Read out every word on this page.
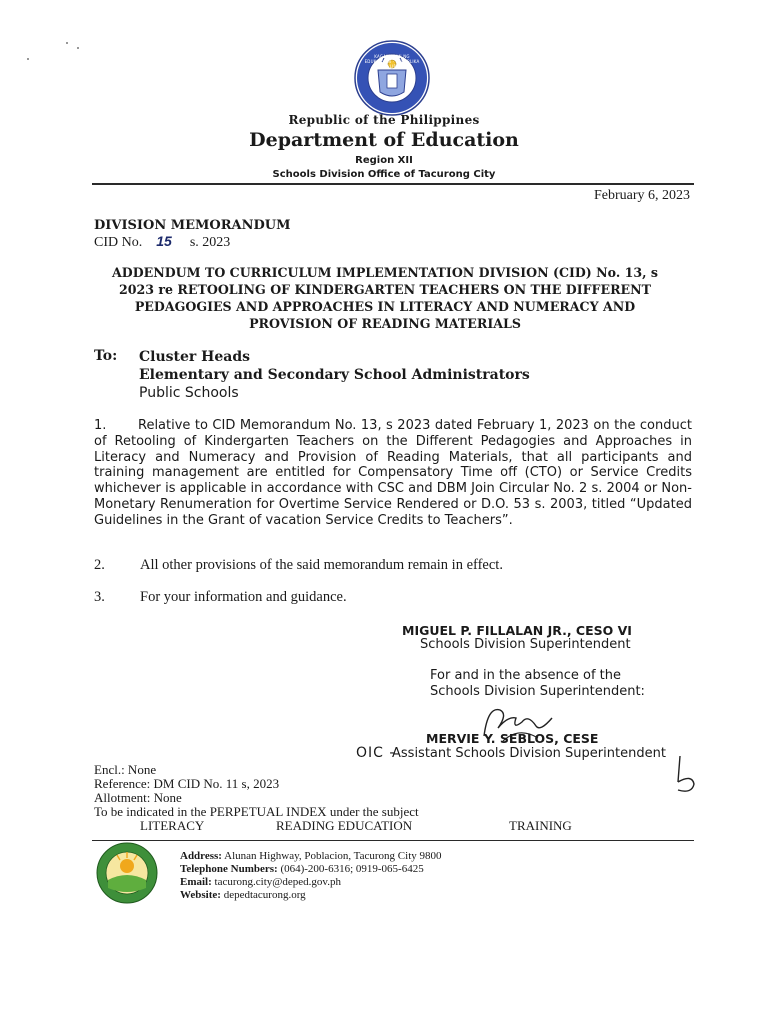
KAGAWARAN NG EDUKASYON · REPUBLIKA NG PILIPINAS
Republic of the Philippines
Department of Education
Region XII
Schools Division Office of Tacurong City
February 6, 2023
DIVISION MEMORANDUM
CID No. 15 s. 2023
ADDENDUM TO CURRICULUM IMPLEMENTATION DIVISION (CID) No. 13, s
2023 re RETOOLING OF KINDERGARTEN TEACHERS ON THE DIFFERENT
PEDAGOGIES AND APPROACHES IN LITERACY AND NUMERACY AND
PROVISION OF READING MATERIALS
To: Cluster Heads
Elementary and Secondary School Administrators
Public Schools
1. Relative to CID Memorandum No. 13, s 2023 dated February 1, 2023 on the conduct of Retooling of Kindergarten Teachers on the Different Pedagogies and Approaches in Literacy and Numeracy and Provision of Reading Materials, that all participants and training management are entitled for Compensatory Time off (CTO) or Service Credits whichever is applicable in accordance with CSC and DBM Join Circular No. 2 s. 2004 or Non- Monetary Renumeration for Overtime Service Rendered or D.O. 53 s. 2003, titled “Updated Guidelines in the Grant of vacation Service Credits to Teachers”.
2. All other provisions of the said memorandum remain in effect.
3. For your information and guidance.
MIGUEL P. FILLALAN JR., CESO VI
Schools Division Superintendent
For and in the absence of the
Schools Division Superintendent:
MERVIE Y. SEBLOS, CESE
OIC -
Assistant Schools Division Superintendent
Encl.: None
Reference: DM CID No. 11 s, 2023
Allotment: None
To be indicated in the PERPETUAL INDEX under the subject
LITERACY	READING EDUCATION	TRAINING
Address: Alunan Highway, Poblacion, Tacurong City 9800
Telephone Numbers: (064)-200-6316; 0919-065-6425
Email: tacurong.city@deped.gov.ph
Website: depedtacurong.org
